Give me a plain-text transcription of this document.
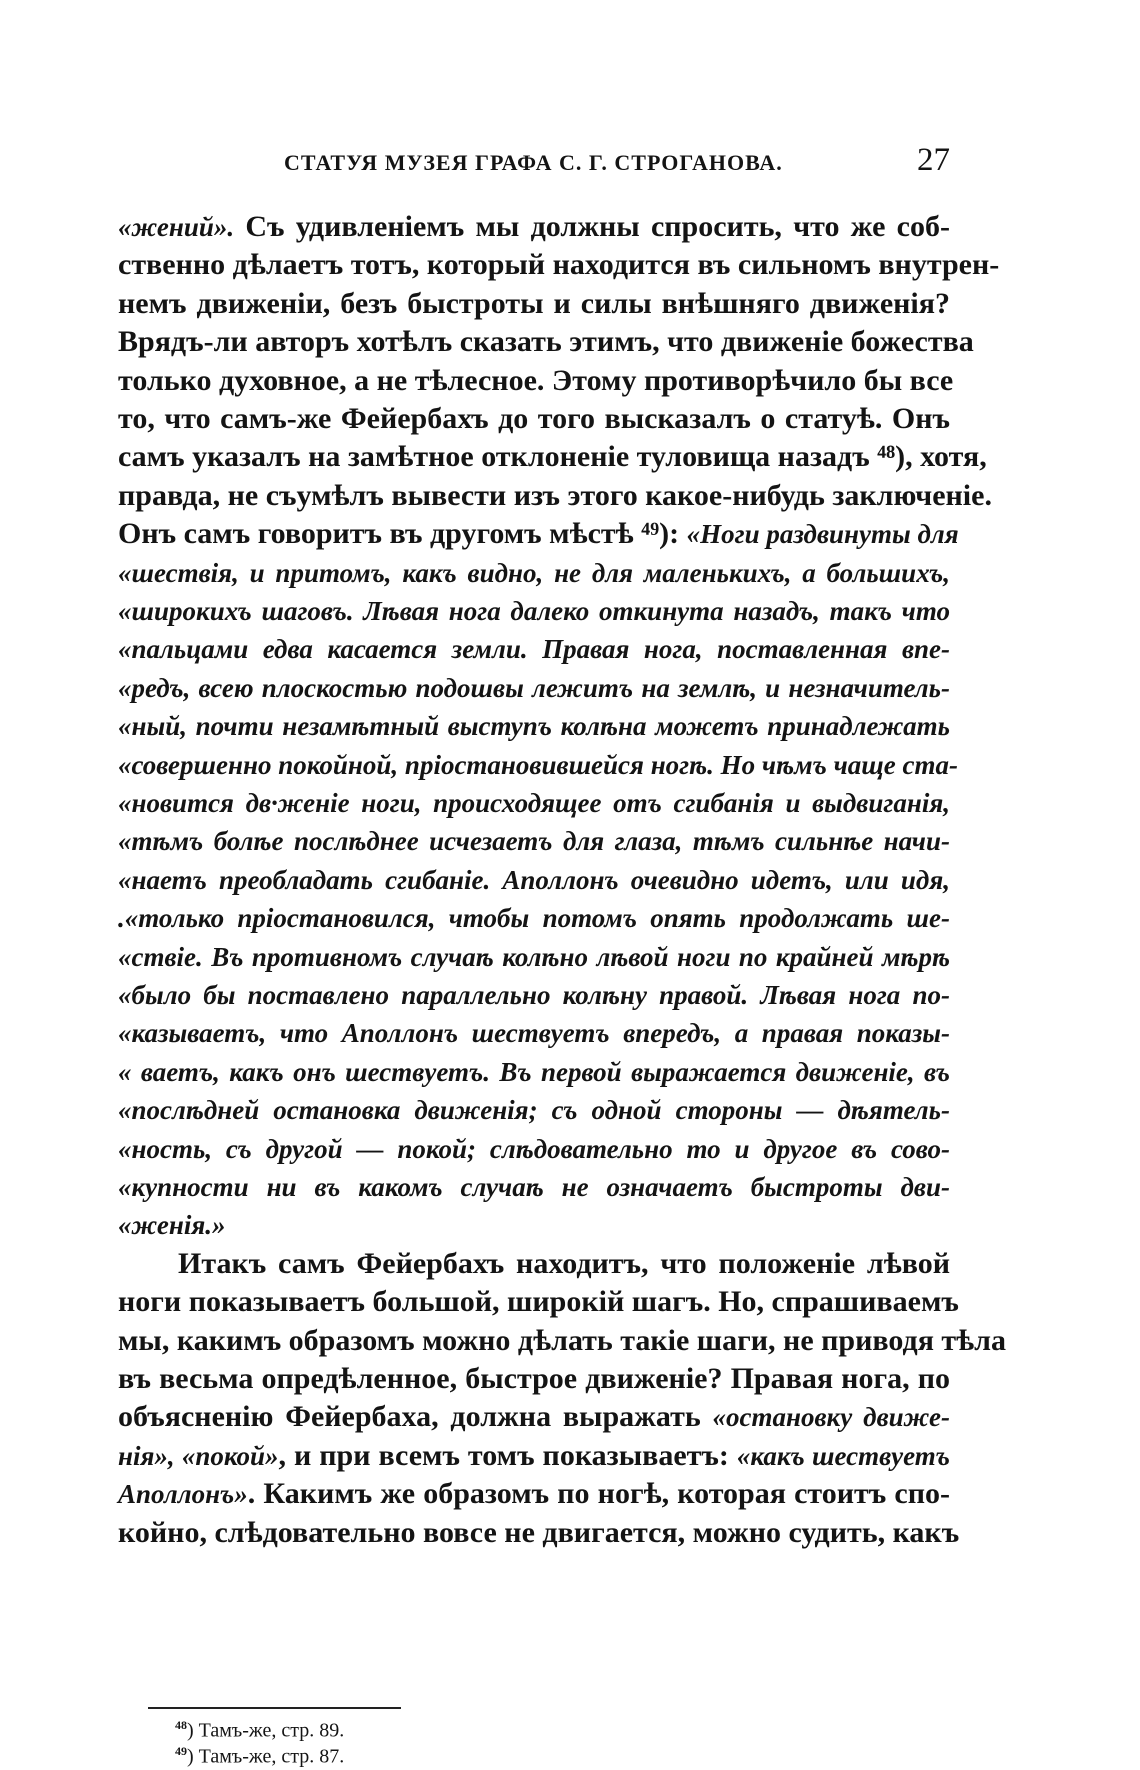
СТАТУЯ МУЗЕЯ ГРАФА С. Г. СТРОГАНОВА.	27
«жений». Съ удивленіемъ мы должны спросить, что же соб-
ственно дѣлаетъ тотъ, который находится въ сильномъ внутрен-
немъ движеніи, безъ быстроты и силы внѣшняго движенія?
Врядъ-ли авторъ хотѣлъ сказать этимъ, что движеніе божества
только духовное, а не тѣлесное. Этому противорѣчило бы все
то, что самъ-же Фейербахъ до того высказалъ о статуѣ. Онъ
самъ указалъ на замѣтное отклоненіе туловища назадъ ⁴⁸), хотя,
правда, не съумѣлъ вывести изъ этого какое-нибудь заключеніе.
Онъ самъ говоритъ въ другомъ мѣстѣ ⁴⁹): «Ноги раздвинуты для
«шествія, и притомъ, какъ видно, не для маленькихъ, а большихъ,
«широкихъ шаговъ. Лѣвая нога далеко откинута назадъ, такъ что
«пальцами едва касается земли. Правая нога, поставленная впе-
«редъ, всею плоскостью подошвы лежитъ на землѣ, и незначитель-
«ный, почти незамѣтный выступъ колѣна можетъ принадлежать
«совершенно покойной, пріостановившейся ногѣ. Но чѣмъ чаще ста-
«новится дв·женіе ноги, происходящее отъ сгибанія и выдвиганія,
«тѣмъ болѣе послѣднее исчезаетъ для глаза, тѣмъ сильнѣе начи-
«наетъ преобладать сгибаніе. Аполлонъ очевидно идетъ, или идя,
.«только пріостановился, чтобы потомъ опять продолжать ше-
«ствіе. Въ противномъ случаѣ колѣно лѣвой ноги по крайней мѣрѣ
«было бы поставлено параллельно колѣну правой. Лѣвая нога по-
«казываетъ, что Аполлонъ шествуетъ впередъ, а правая показы-
« ваетъ, какъ онъ шествуетъ. Въ первой выражается движеніе, въ
«послѣдней остановка движенія; съ одной стороны — дѣятель-
«ность, съ другой — покой; слѣдовательно то и другое въ сово-
«купности ни въ какомъ случаѣ не означаетъ быстроты дви-
«женія.»
Итакъ самъ Фейербахъ находитъ, что положеніе лѣвой
ноги показываетъ большой, широкій шагъ. Но, спрашиваемъ
мы, какимъ образомъ можно дѣлать такіе шаги, не приводя тѣла
въ весьма опредѣленное, быстрое движеніе? Правая нога, по
объясненію Фейербаха, должна выражать «остановку движе-
нія», «покой», и при всемъ томъ показываетъ: «какъ шествуетъ
Аполлонъ». Какимъ же образомъ по ногѣ, которая стоитъ спо-
койно, слѣдовательно вовсе не двигается, можно судить, какъ
$^{48}$) Тамъ-же, стр. 89.
$^{49}$) Тамъ-же, стр. 87.
